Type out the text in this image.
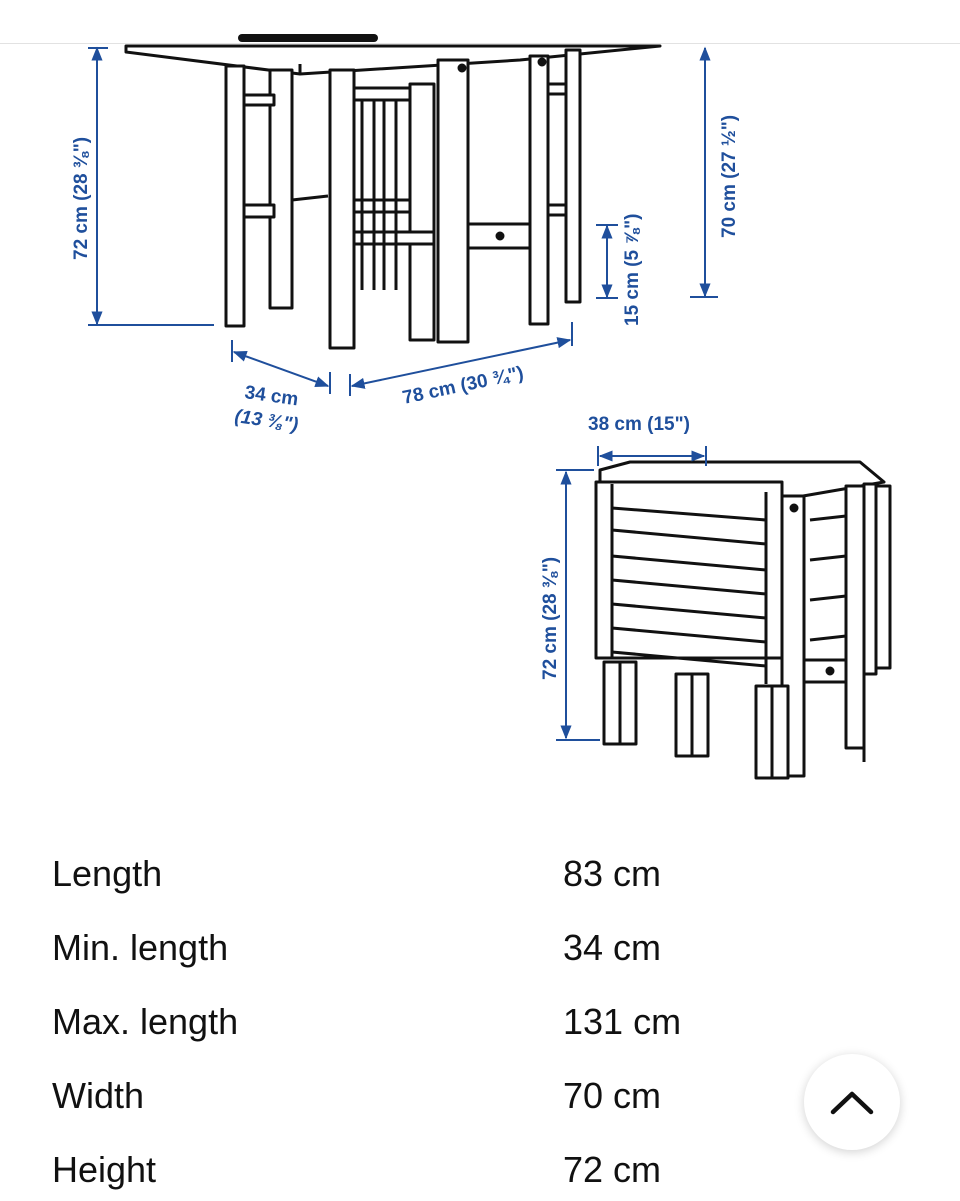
72 cm (28 ⅜")	70 cm (27 ½")
15 cm (5 ⅞")
34 cm
(13 ⅜")
78 cm (30 ¾")
38 cm (15")
72 cm (28 ⅜")
Length	83 cm
Min. length	34 cm
Max. length	131 cm
Width	70 cm
Height	72 cm
